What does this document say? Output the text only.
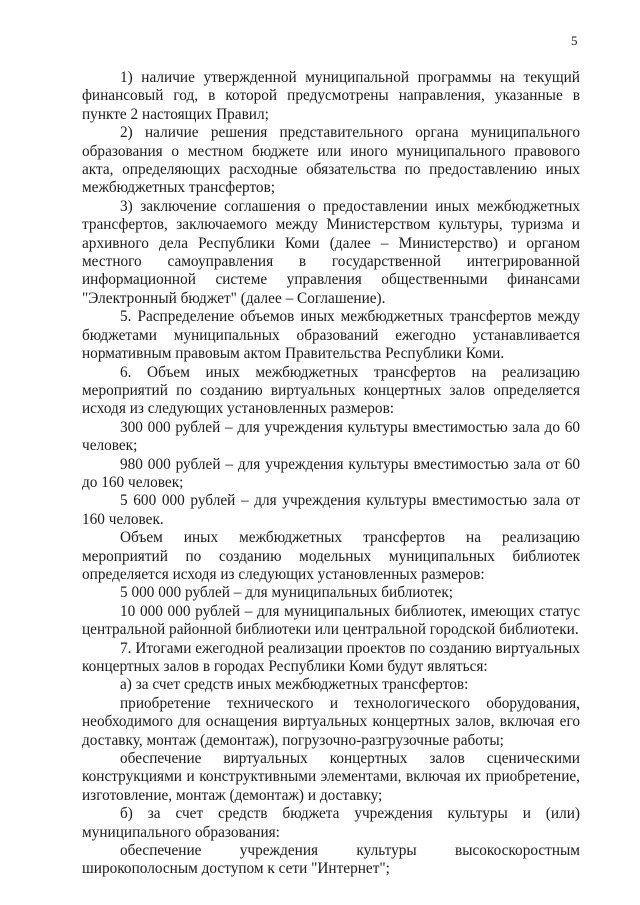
5

1) наличие утвержденной муниципальной программы на текущий финансовый год, в которой предусмотрены направления, указанные в пункте 2 настоящих Правил;

2) наличие решения представительного органа муниципального образования о местном бюджете или иного муниципального правового акта, определяющих расходные обязательства по предоставлению иных межбюджетных трансфертов;

3) заключение соглашения о предоставлении иных межбюджетных трансфертов, заключаемого между Министерством культуры, туризма и архивного дела Республики Коми (далее – Министерство) и органом местного самоуправления в государственной интегрированной информационной системе управления общественными финансами "Электронный бюджет" (далее – Соглашение).

5. Распределение объемов иных межбюджетных трансфертов между бюджетами муниципальных образований ежегодно устанавливается нормативным правовым актом Правительства Республики Коми.

6. Объем иных межбюджетных трансфертов на реализацию мероприятий по созданию виртуальных концертных залов определяется исходя из следующих установленных размеров:

300 000 рублей – для учреждения культуры вместимостью зала до 60 человек;

980 000 рублей – для учреждения культуры вместимостью зала от 60 до 160 человек;

5 600 000 рублей – для учреждения культуры вместимостью зала от 160 человек.

Объем иных межбюджетных трансфертов на реализацию мероприятий по созданию модельных муниципальных библиотек определяется исходя из следующих установленных размеров:

5 000 000 рублей – для муниципальных библиотек;

10 000 000 рублей – для муниципальных библиотек, имеющих статус центральной районной библиотеки или центральной городской библиотеки.

7. Итогами ежегодной реализации проектов по созданию виртуальных концертных залов в городах Республики Коми будут являться:

а) за счет средств иных межбюджетных трансфертов:

приобретение технического и технологического оборудования, необходимого для оснащения виртуальных концертных залов, включая его доставку, монтаж (демонтаж), погрузочно-разгрузочные работы;

обеспечение виртуальных концертных залов сценическими конструкциями и конструктивными элементами, включая их приобретение, изготовление, монтаж (демонтаж) и доставку;

б) за счет средств бюджета учреждения культуры и (или) муниципального образования:

обеспечение учреждения культуры высокоскоростным широкополосным доступом к сети "Интернет";
